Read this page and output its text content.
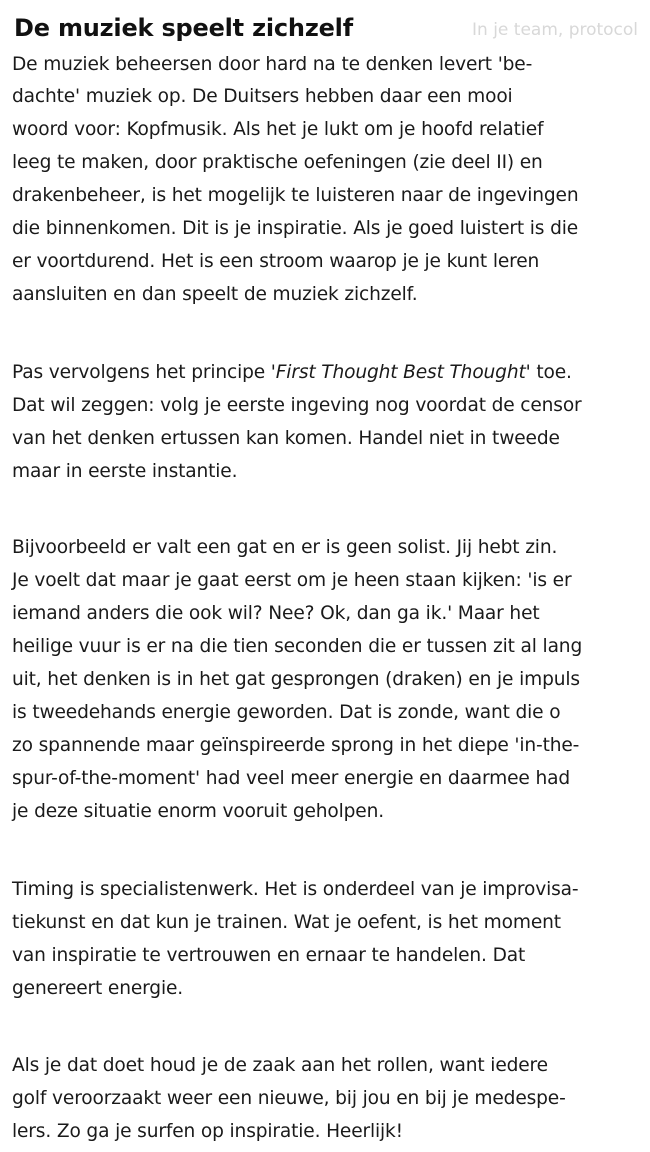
In je team, protocol
De muziek speelt zichzelf
De muziek beheersen door hard na te denken levert 'be-
dachte' muziek op. De Duitsers hebben daar een mooi
woord voor: Kopfmusik. Als het je lukt om je hoofd relatief
leeg te maken, door praktische oefeningen (zie deel II) en
drakenbeheer, is het mogelijk te luisteren naar de ingevingen
die binnenkomen. Dit is je inspiratie. Als je goed luistert is die
er voortdurend. Het is een stroom waarop je je kunt leren
aansluiten en dan speelt de muziek zichzelf.
Pas vervolgens het principe 'First Thought Best Thought' toe.
Dat wil zeggen: volg je eerste ingeving nog voordat de censor
van het denken ertussen kan komen. Handel niet in tweede
maar in eerste instantie.
Bijvoorbeeld er valt een gat en er is geen solist. Jij hebt zin.
Je voelt dat maar je gaat eerst om je heen staan kijken: 'is er
iemand anders die ook wil? Nee? Ok, dan ga ik.' Maar het
heilige vuur is er na die tien seconden die er tussen zit al lang
uit, het denken is in het gat gesprongen (draken) en je impuls
is tweedehands energie geworden. Dat is zonde, want die o
zo spannende maar geïnspireerde sprong in het diepe 'in-the-
spur-of-the-moment' had veel meer energie en daarmee had
je deze situatie enorm vooruit geholpen.
Timing is specialistenwerk. Het is onderdeel van je improvisa-
tiekunst en dat kun je trainen. Wat je oefent, is het moment
van inspiratie te vertrouwen en ernaar te handelen. Dat
genereert energie.
Als je dat doet houd je de zaak aan het rollen, want iedere
golf veroorzaakt weer een nieuwe, bij jou en bij je medespe-
lers. Zo ga je surfen op inspiratie. Heerlijk!
